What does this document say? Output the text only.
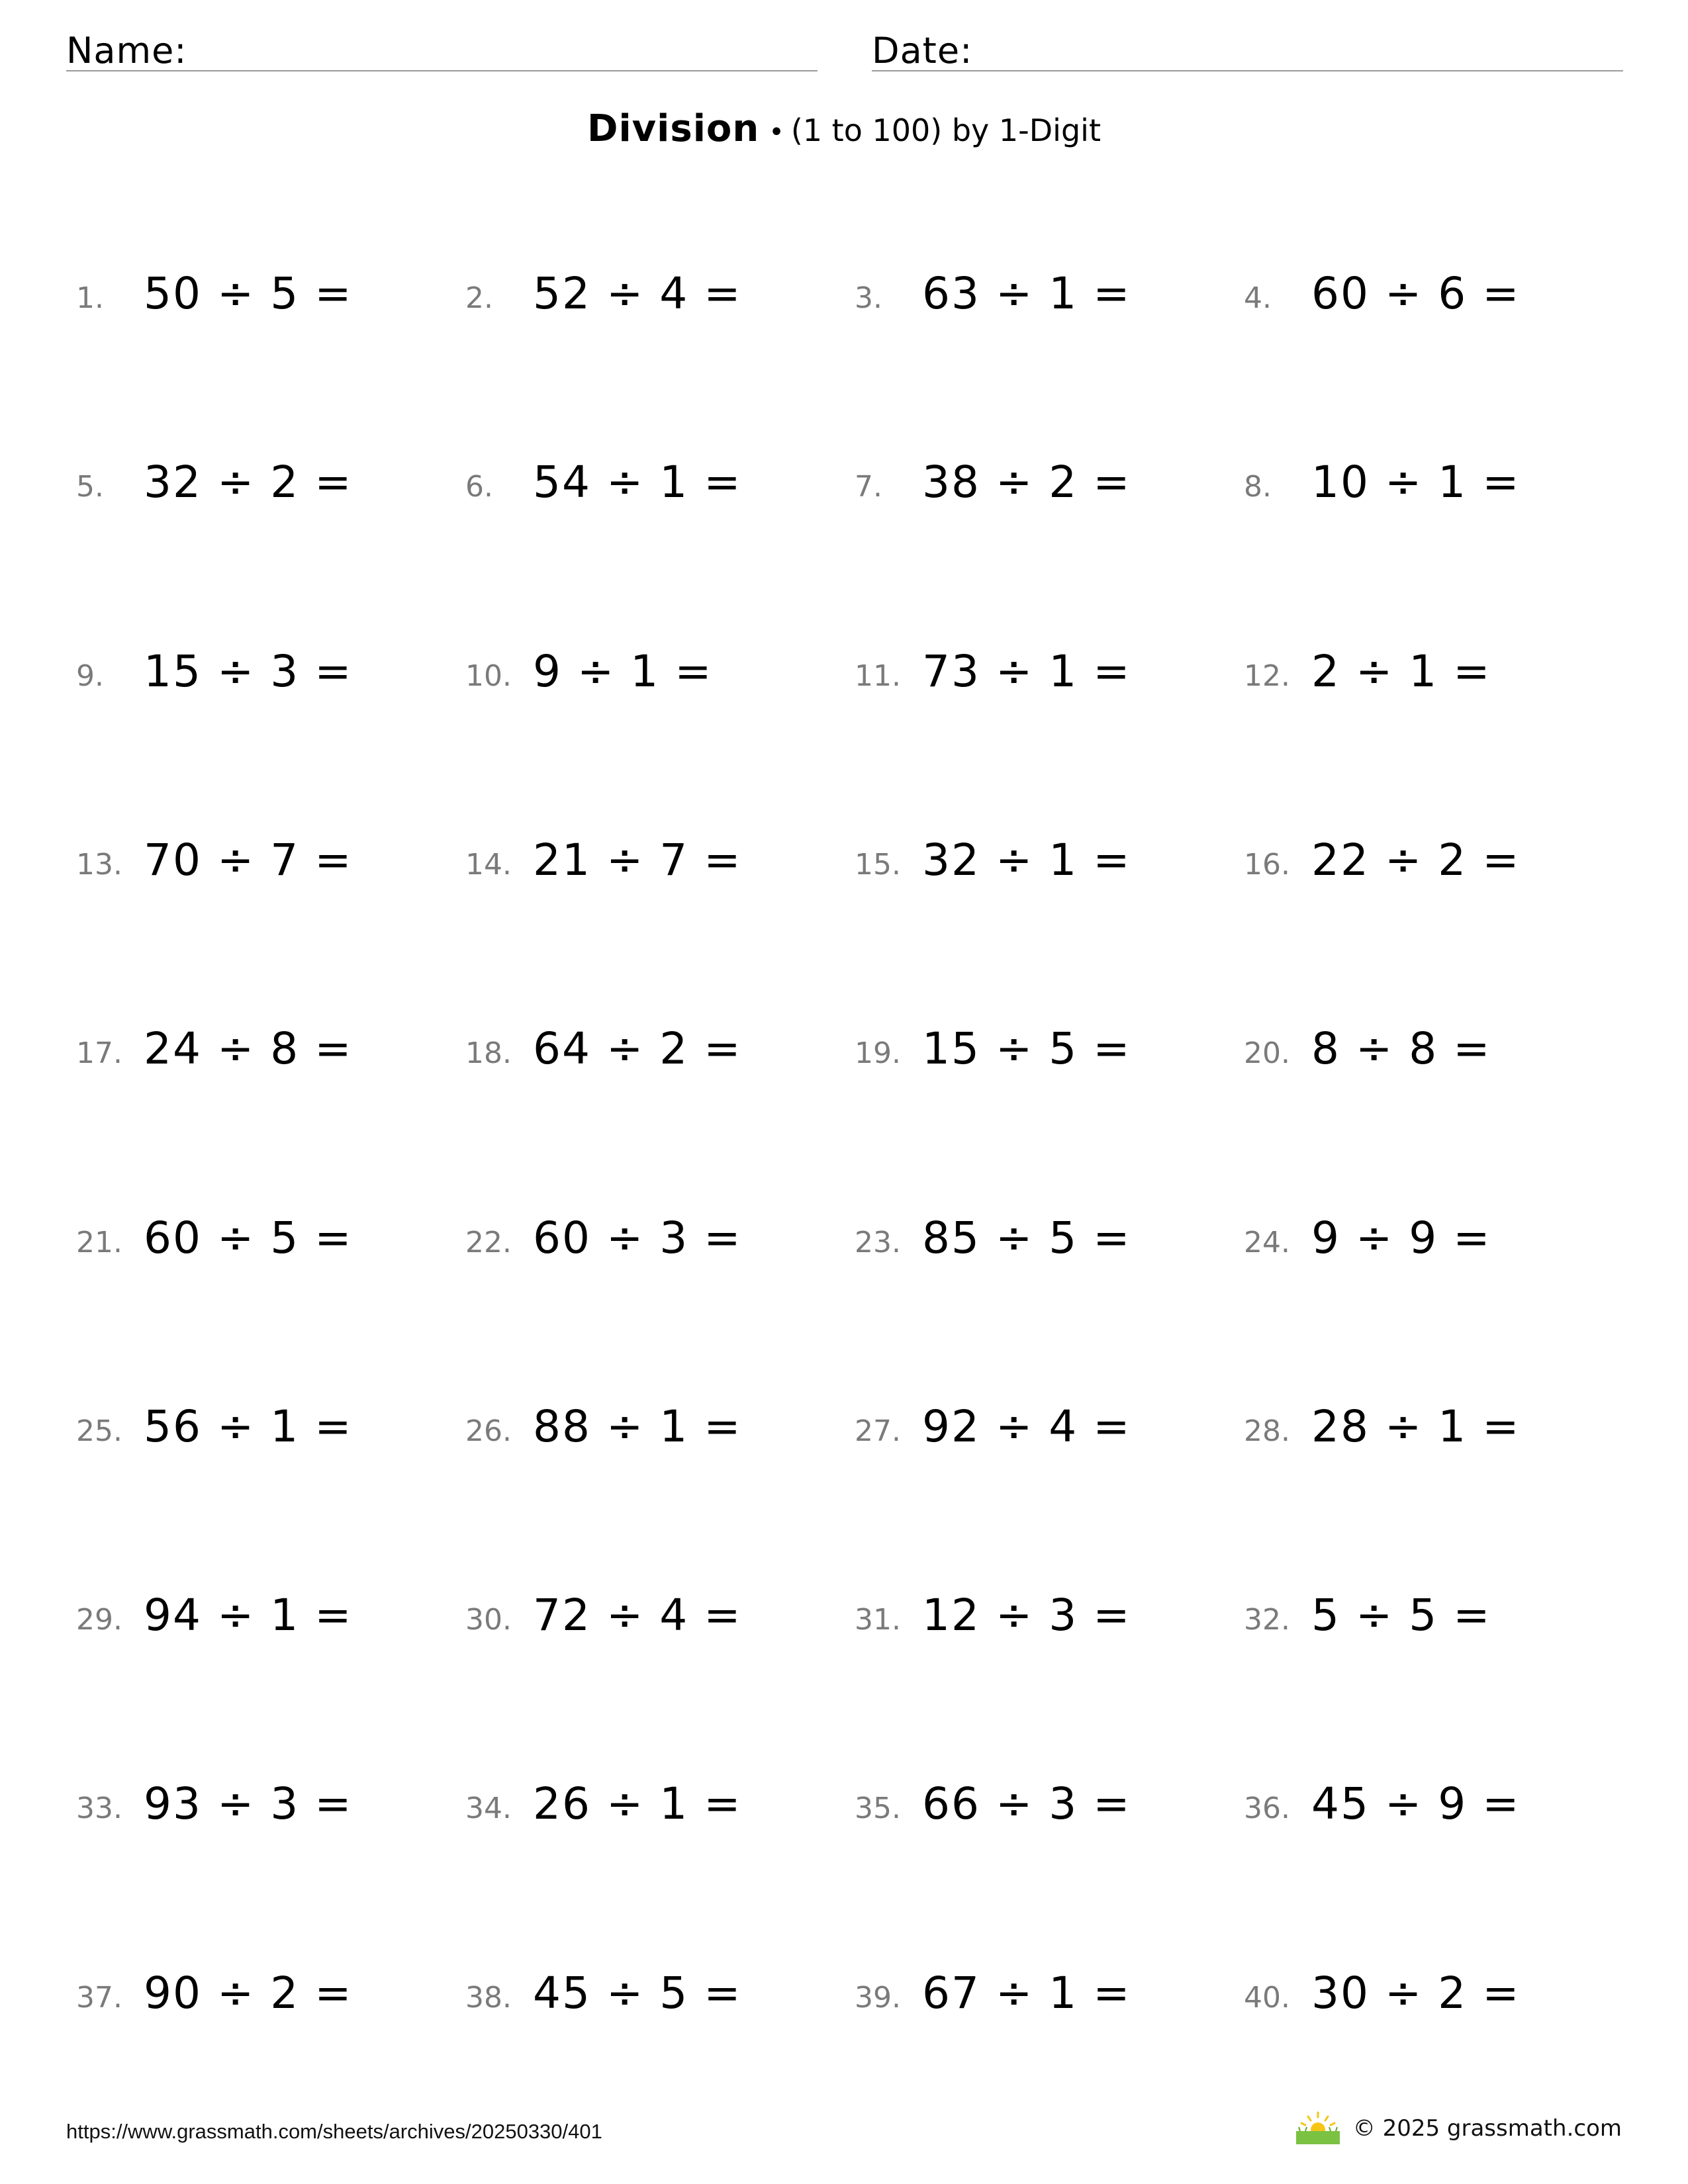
Name:	Date:
Division • (1 to 100) by 1-Digit
1. 50 ÷ 5 =	2. 52 ÷ 4 =	3. 63 ÷ 1 =	4. 60 ÷ 6 =
5. 32 ÷ 2 =	6. 54 ÷ 1 =	7. 38 ÷ 2 =	8. 10 ÷ 1 =
9. 15 ÷ 3 =	10. 9 ÷ 1 =	11. 73 ÷ 1 =	12. 2 ÷ 1 =
13. 70 ÷ 7 =	14. 21 ÷ 7 =	15. 32 ÷ 1 =	16. 22 ÷ 2 =
17. 24 ÷ 8 =	18. 64 ÷ 2 =	19. 15 ÷ 5 =	20. 8 ÷ 8 =
21. 60 ÷ 5 =	22. 60 ÷ 3 =	23. 85 ÷ 5 =	24. 9 ÷ 9 =
25. 56 ÷ 1 =	26. 88 ÷ 1 =	27. 92 ÷ 4 =	28. 28 ÷ 1 =
29. 94 ÷ 1 =	30. 72 ÷ 4 =	31. 12 ÷ 3 =	32. 5 ÷ 5 =
33. 93 ÷ 3 =	34. 26 ÷ 1 =	35. 66 ÷ 3 =	36. 45 ÷ 9 =
37. 90 ÷ 2 =	38. 45 ÷ 5 =	39. 67 ÷ 1 =	40. 30 ÷ 2 =
https://www.grassmath.com/sheets/archives/20250330/401	© 2025 grassmath.com
